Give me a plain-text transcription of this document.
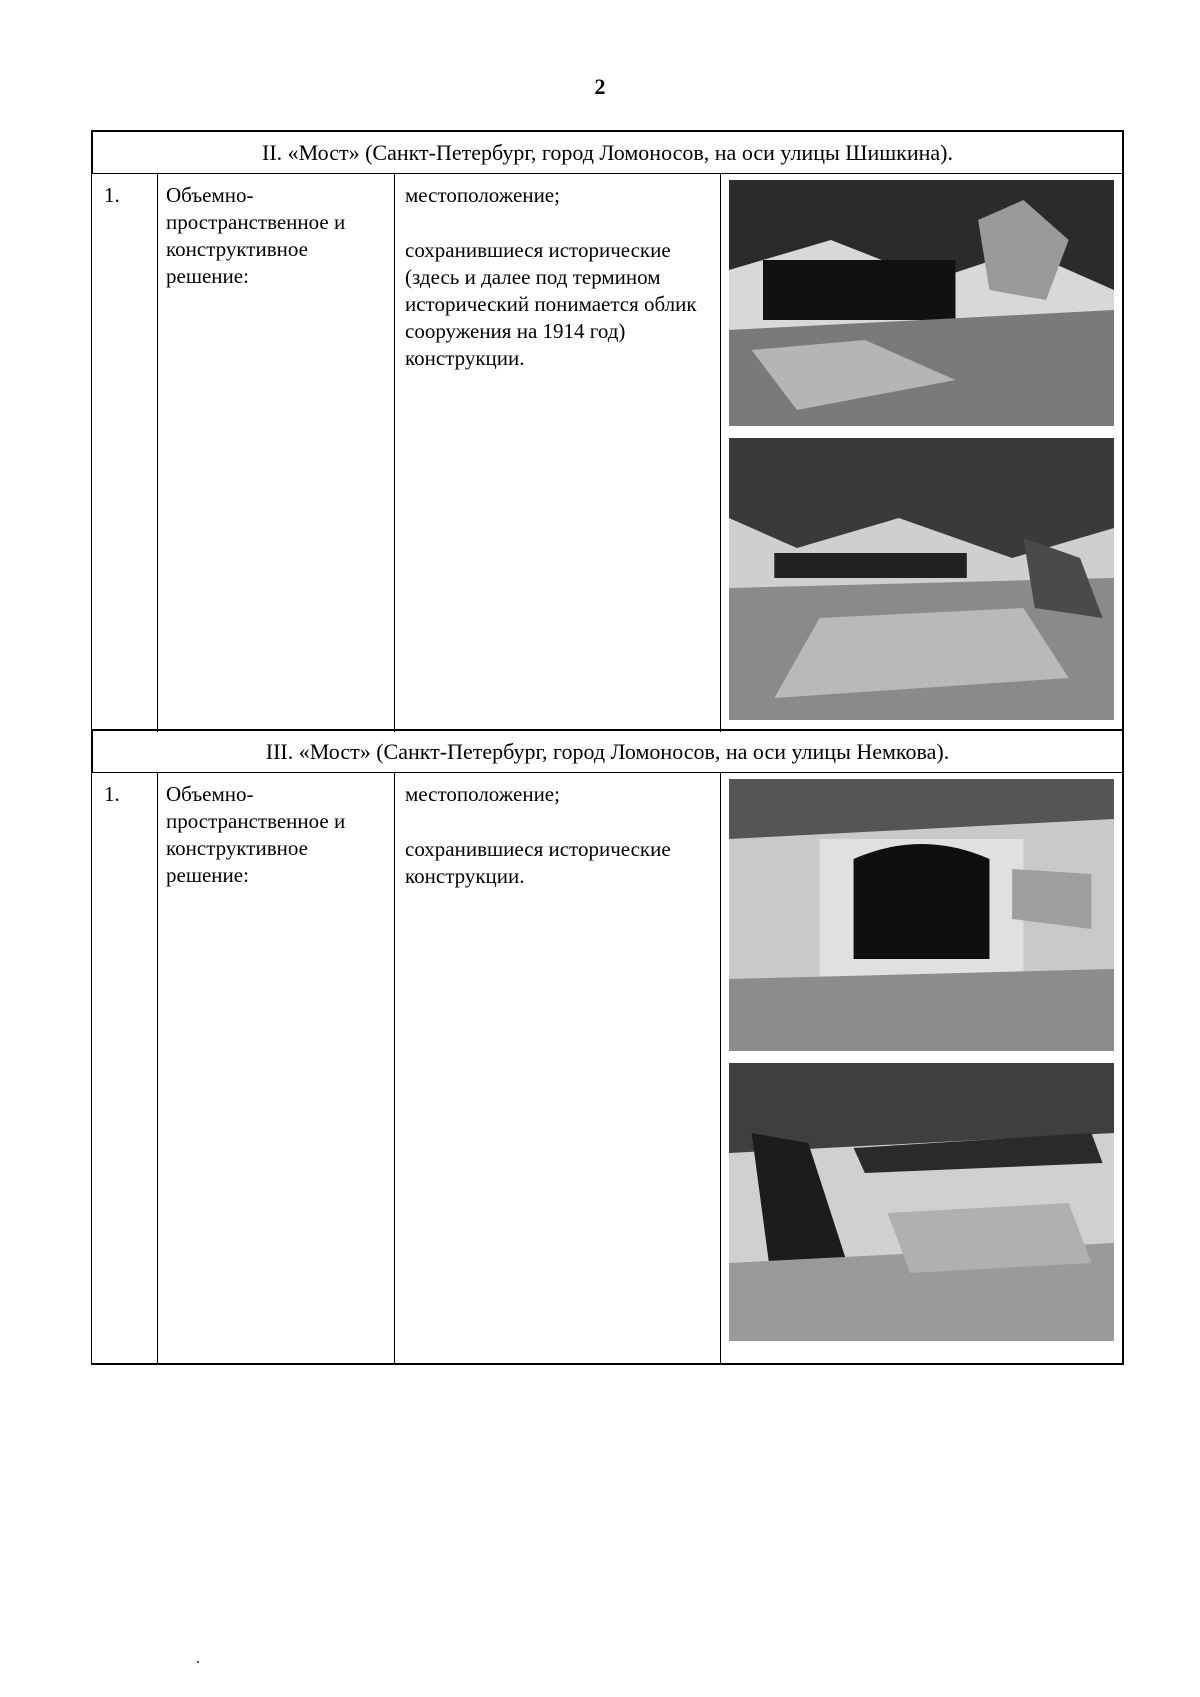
2
II. «Мост» (Санкт-Петербург, город Ломоносов, на оси улицы Шишкина).
1.	Объемно-пространственное и конструктивное решение:

местоположение;

сохранившиеся исторические (здесь и далее под термином исторический понимается облик сооружения на 1914 год) конструкции.

III. «Мост» (Санкт-Петербург, город Ломоносов, на оси улицы Немкова).
1.	Объемно-пространственное и конструктивное решение:

местоположение;

сохранившиеся исторические конструкции.
